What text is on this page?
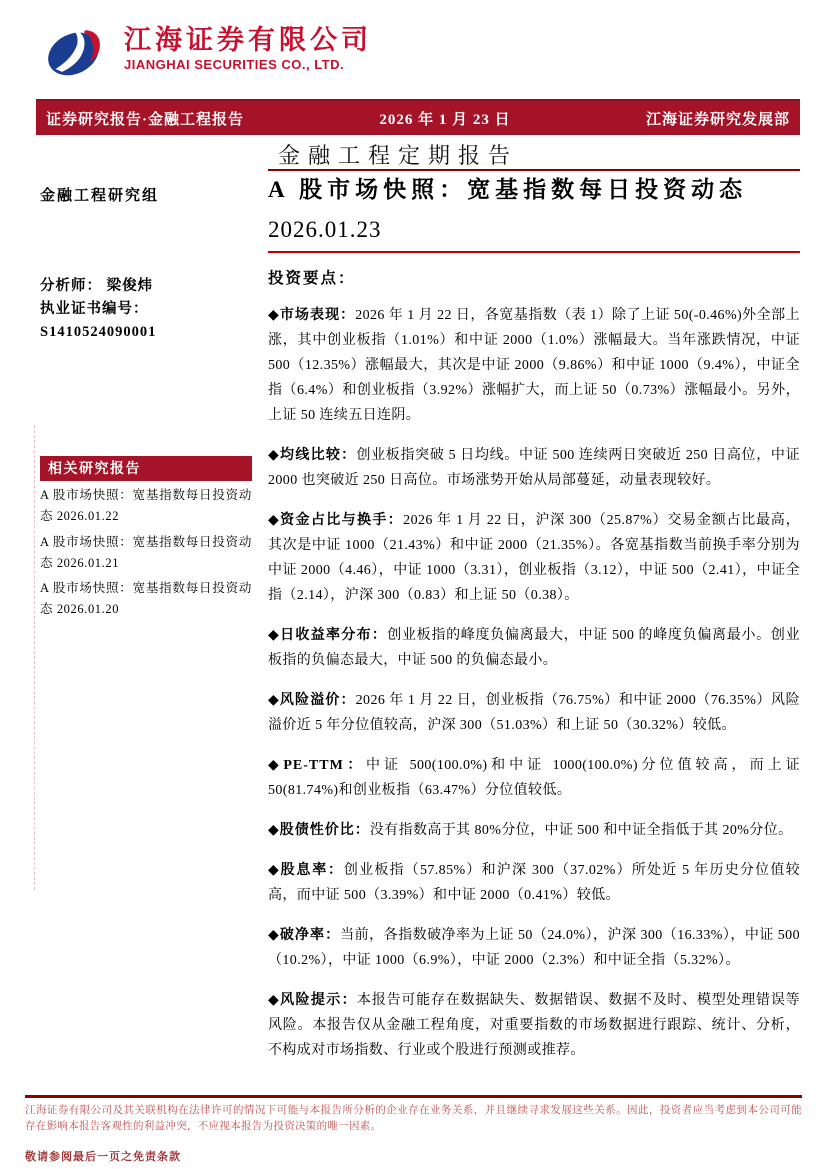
江海证券有限公司
JIANGHAI SECURITIES CO., LTD.
证券研究报告·金融工程报告	2026 年 1 月 23 日	江海证券研究发展部
金融工程定期报告
金融工程研究组
分析师： 梁俊炜
执业证书编号：S1410524090001
相关研究报告
A 股市场快照：宽基指数每日投资动态 2026.01.22
A 股市场快照：宽基指数每日投资动态 2026.01.21
A 股市场快照：宽基指数每日投资动态 2026.01.20
A 股市场快照：宽基指数每日投资动态
2026.01.23
投资要点：

◆市场表现：2026 年 1 月 22 日，各宽基指数（表 1）除了上证 50(-0.46%)外全部上涨，其中创业板指（1.01%）和中证 2000（1.0%）涨幅最大。当年涨跌情况，中证 500（12.35%）涨幅最大，其次是中证 2000（9.86%）和中证 1000（9.4%），中证全指（6.4%）和创业板指（3.92%）涨幅扩大，而上证 50（0.73%）涨幅最小。另外，上证 50 连续五日连阴。

◆均线比较：创业板指突破 5 日均线。中证 500 连续两日突破近 250 日高位，中证 2000 也突破近 250 日高位。市场涨势开始从局部蔓延，动量表现较好。

◆资金占比与换手：2026 年 1 月 22 日，沪深 300（25.87%）交易金额占比最高，其次是中证 1000（21.43%）和中证 2000（21.35%）。各宽基指数当前换手率分别为中证 2000（4.46），中证 1000（3.31），创业板指（3.12），中证 500（2.41），中证全指（2.14），沪深 300（0.83）和上证 50（0.38）。

◆日收益率分布：创业板指的峰度负偏离最大，中证 500 的峰度负偏离最小。创业板指的负偏态最大，中证 500 的负偏态最小。

◆风险溢价：2026 年 1 月 22 日，创业板指（76.75%）和中证 2000（76.35%）风险溢价近 5 年分位值较高，沪深 300（51.03%）和上证 50（30.32%）较低。

◆PE-TTM：中证 500(100.0%)和中证 1000(100.0%)分位值较高，而上证 50(81.74%)和创业板指（63.47%）分位值较低。

◆股债性价比：没有指数高于其 80%分位，中证 500 和中证全指低于其 20%分位。

◆股息率：创业板指（57.85%）和沪深 300（37.02%）所处近 5 年历史分位值较高，而中证 500（3.39%）和中证 2000（0.41%）较低。

◆破净率：当前，各指数破净率为上证 50（24.0%），沪深 300（16.33%），中证 500（10.2%），中证 1000（6.9%），中证 2000（2.3%）和中证全指（5.32%）。

◆风险提示：本报告可能存在数据缺失、数据错误、数据不及时、模型处理错误等风险。本报告仅从金融工程角度，对重要指数的市场数据进行跟踪、统计、分析，不构成对市场指数、行业或个股进行预测或推荐。

江海证券有限公司及其关联机构在法律许可的情况下可能与本报告所分析的企业存在业务关系，并且继续寻求发展这些关系。因此，投资者应当考虑到本公司可能存在影响本报告客观性的利益冲突，不应视本报告为投资决策的唯一因素。
敬请参阅最后一页之免责条款
